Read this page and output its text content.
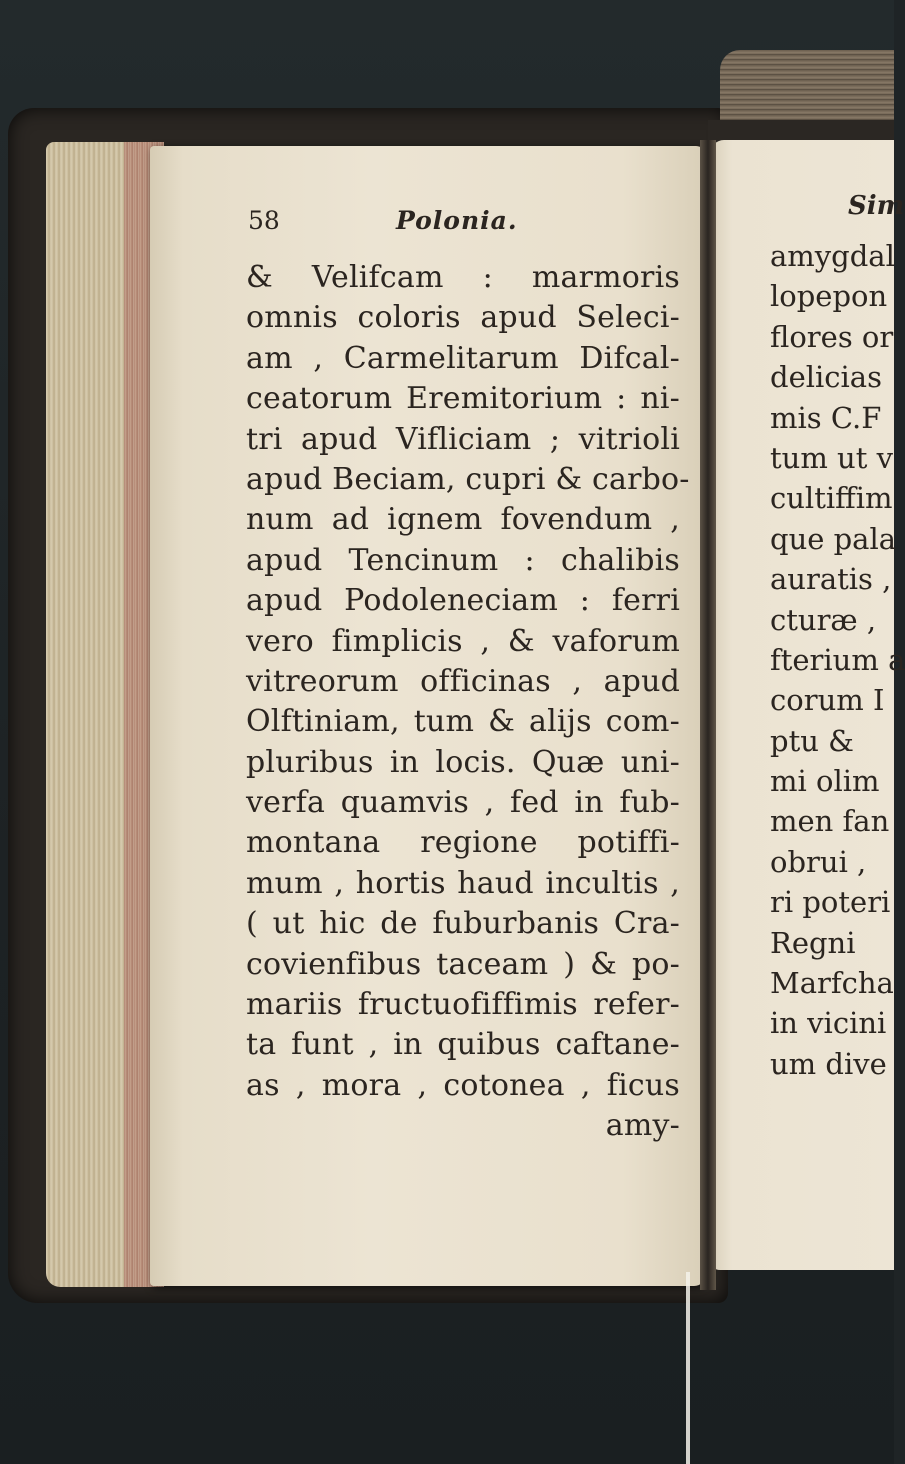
58	Polonia.
& Velifcam : marmoris
omnis coloris apud Seleci-
am , Carmelitarum Difcal-
ceatorum Eremitorium : ni-
tri apud Vifliciam ; vitrioli
apud Beciam, cupri & carbo-
num ad ignem fovendum ,
apud Tencinum : chalibis
apud Podoleneciam : ferri
vero fimplicis , & vaforum
vitreorum officinas , apud
Olftiniam, tum & alijs com-
pluribus in locis. Quæ uni-
verfa quamvis , fed in fub-
montana regione potiffi-
mum , hortis haud incultis ,
( ut hic de fuburbanis Cra-
covienfibus taceam ) & po-
mariis fructuofiffimis refer-
ta funt , in quibus caftane-
as , mora , cotonea , ficus
amy-
Sim
amygdal
lopepon
flores or
delicias
mis C.F
tum ut v
cultiffim
que pala
auratis ,
cturæ ,
fterium a
corum I
ptu &
mi olim
men fan
obrui ,
ri poteri
Regni
Marfcha
in vicini
um dive
